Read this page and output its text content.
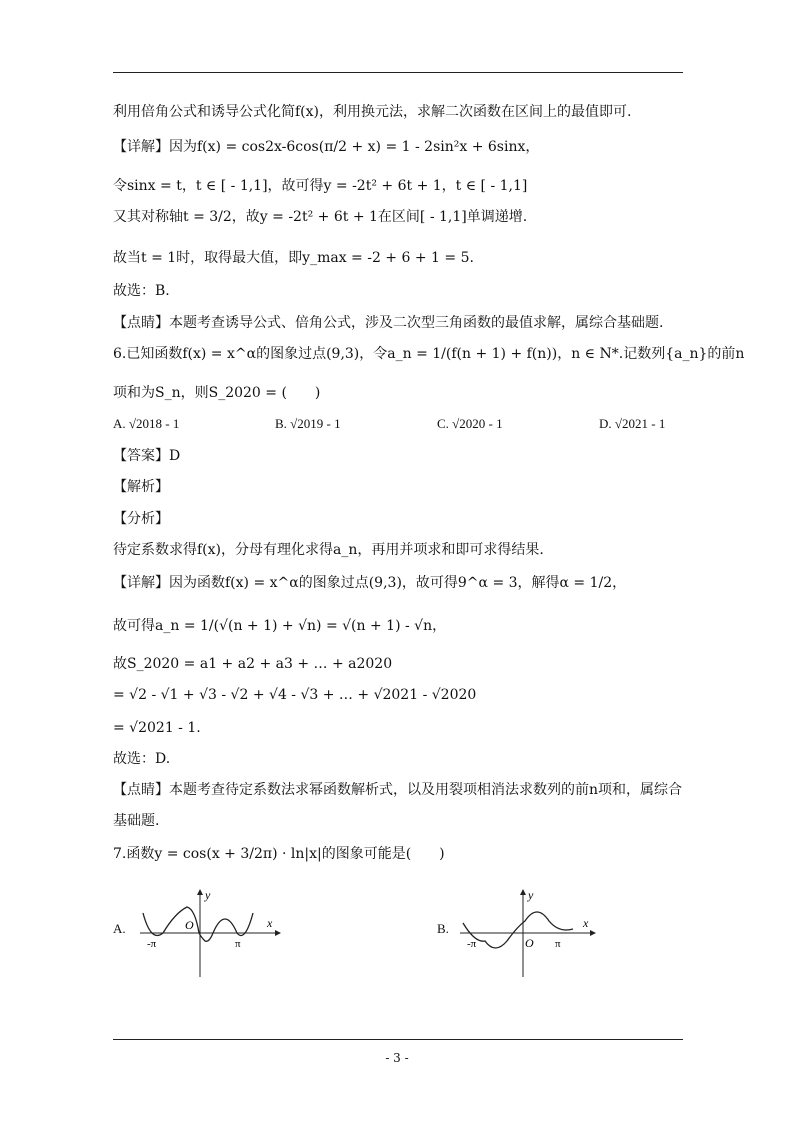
利用倍角公式和诱导公式化简f(x)，利用换元法，求解二次函数在区间上的最值即可.
【详解】因为f(x) = cos2x-6cos(π/2 + x) = 1 - 2sin²x + 6sinx，
令sinx = t，t ∈ [ - 1,1]，故可得y = -2t² + 6t + 1，t ∈ [ - 1,1]
又其对称轴t = 3/2，故y = -2t² + 6t + 1在区间[ - 1,1]单调递增.
故当t = 1时，取得最大值，即y_max = -2 + 6 + 1 = 5.
故选：B.
【点睛】本题考查诱导公式、倍角公式，涉及二次型三角函数的最值求解，属综合基础题.
6.已知函数f(x) = x^α的图象过点(9,3)，令a_n = 1/(f(n + 1) + f(n))，n ∈ N*.记数列{a_n}的前n
项和为S_n，则S_2020 = (　　)
A. √2018 - 1	B. √2019 - 1	C. √2020 - 1	D. √2021 - 1
【答案】D
【解析】
【分析】
待定系数求得f(x)，分母有理化求得a_n，再用并项求和即可求得结果.
【详解】因为函数f(x) = x^α的图象过点(9,3)，故可得9^α = 3，解得α = 1/2，
故可得a_n = 1/(√(n + 1) + √n) = √(n + 1) - √n，
故S_2020 = a1 + a2 + a3 + … + a2020
= √2 - √1 + √3 - √2 + √4 - √3 + … + √2021 - √2020
= √2021 - 1.
故选：D.
【点睛】本题考查待定系数法求幂函数解析式，以及用裂项相消法求数列的前n项和，属综合
基础题.
7.函数y = cos(x + 3/2π) · ln|x|的图象可能是(　　)
A.
y
x
O
-π	π
B.
y
x
O
-π	π
- 3 -
